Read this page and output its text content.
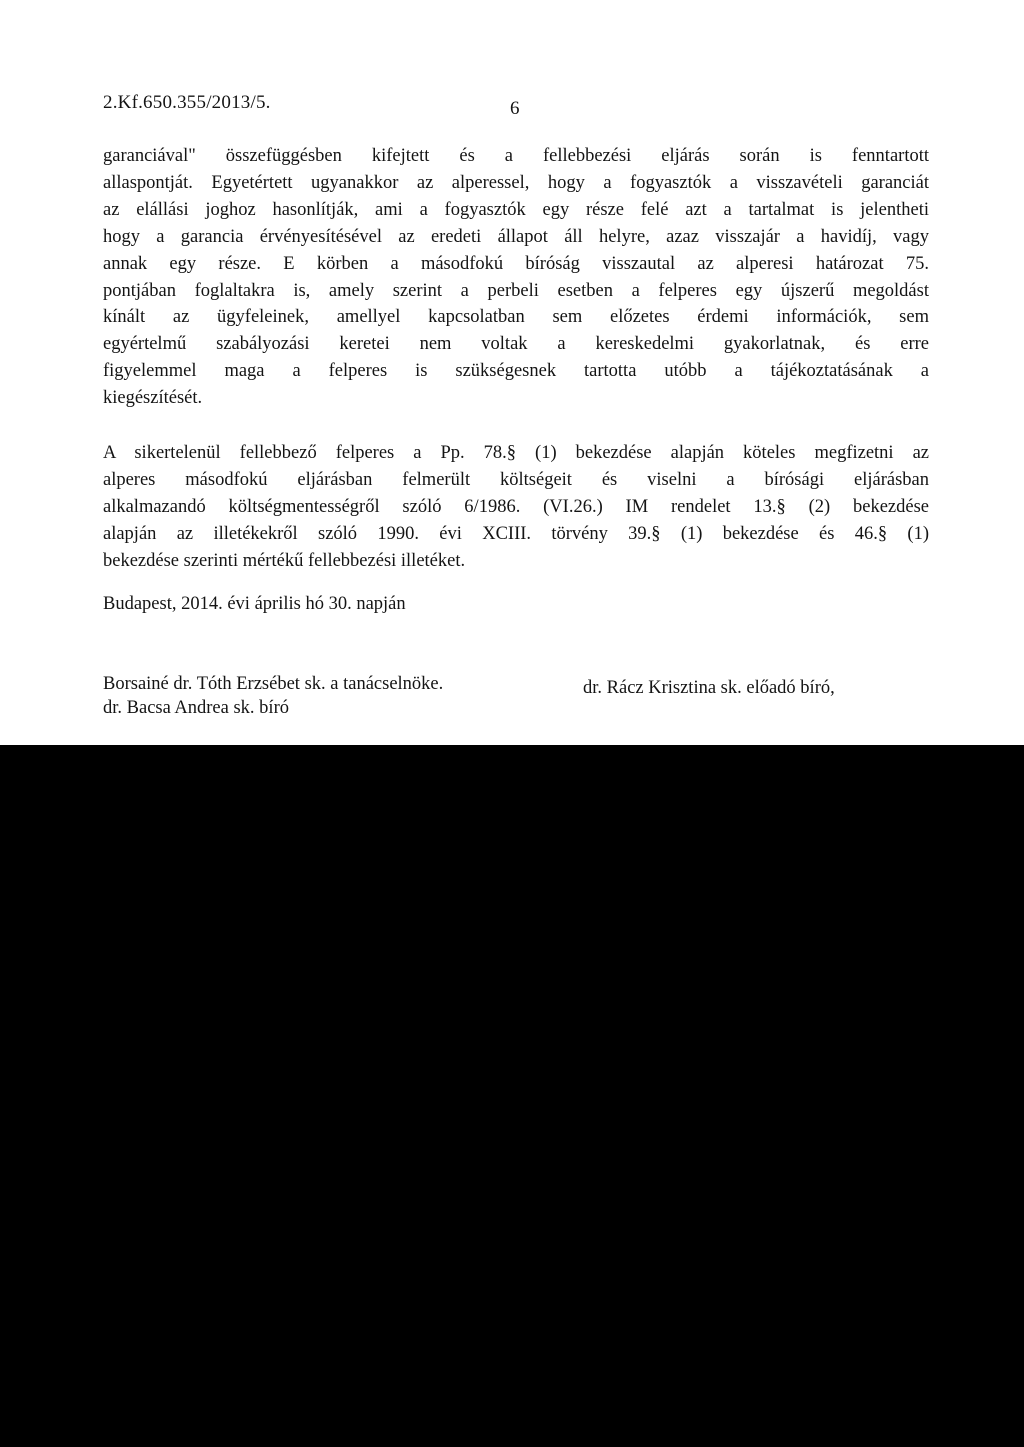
2.Kf.650.355/2013/5.	6

garanciával" összefüggésben kifejtett és a fellebbezési eljárás során is fenntartott
allaspontját. Egyetértett ugyanakkor az alperessel, hogy a fogyasztók a visszavételi garanciát
az elállási joghoz hasonlítják, ami a fogyasztók egy része felé azt a tartalmat is jelentheti
hogy a garancia érvényesítésével az eredeti állapot áll helyre, azaz visszajár a havidíj, vagy
annak egy része. E körben a másodfokú bíróság visszautal az alperesi határozat 75.
pontjában foglaltakra is, amely szerint a perbeli esetben a felperes egy újszerű megoldást
kínált az ügyfeleinek, amellyel kapcsolatban sem előzetes érdemi információk, sem
egyértelmű szabályozási keretei nem voltak a kereskedelmi gyakorlatnak, és erre
figyelemmel maga a felperes is szükségesnek tartotta utóbb a tájékoztatásának a
kiegészítését.

A sikertelenül fellebbező felperes a Pp. 78.§ (1) bekezdése alapján köteles megfizetni az
alperes másodfokú eljárásban felmerült költségeit és viselni a bírósági eljárásban
alkalmazandó költségmentességről szóló 6/1986. (VI.26.) IM rendelet 13.§ (2) bekezdése
alapján az illetékekről szóló 1990. évi XCIII. törvény 39.§ (1) bekezdése és 46.§ (1)
bekezdése szerinti mértékű fellebbezési illetéket.

Budapest, 2014. évi április hó 30. napján
Borsainé dr. Tóth Erzsébet sk. a tanácselnöke.
dr. Bacsa Andrea sk. bíró
dr. Rácz Krisztina sk. előadó bíró,
